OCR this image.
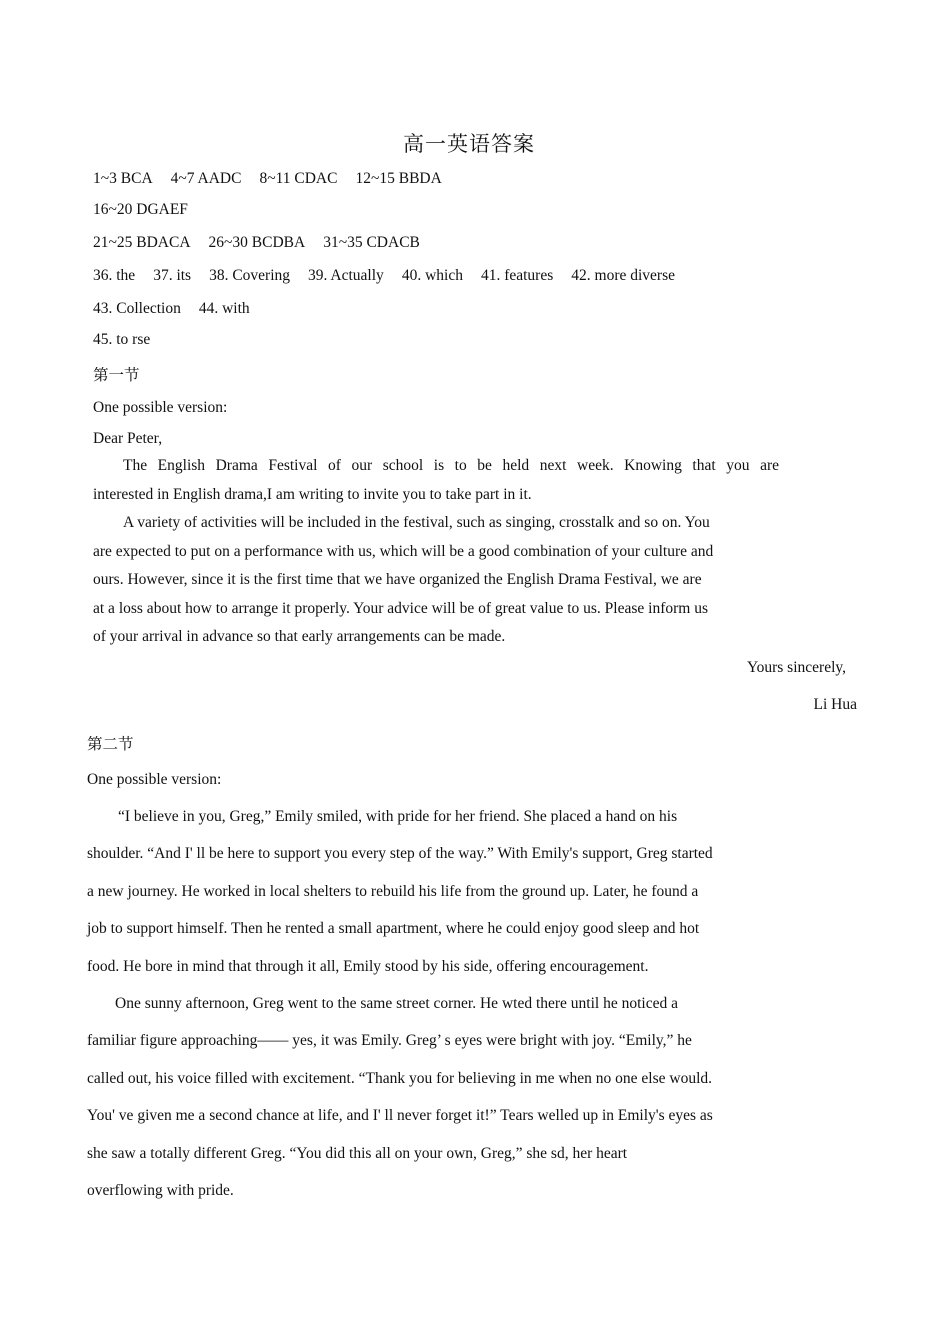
高一英语答案
1~3 BCA 4~7 AADC 8~11 CDAC 12~15 BBDA
16~20 DGAEF
21~25 BDACA 26~30 BCDBA 31~35 CDACB
36. the 37. its 38. Covering 39. Actually 40. which 41. features 42. more diverse
43. Collection 44. with
45. to rse
第一节
One possible version:
Dear Peter,

The English Drama Festival of our school is to be held next week. Knowing that you are

interested in English drama,I am writing to invite you to take part in it.

A variety of activities will be included in the festival, such as singing, crosstalk and so on. You

are expected to put on a performance with us, which will be a good combination of your culture and

ours. However, since it is the first time that we have organized the English Drama Festival, we are

at a loss about how to arrange it properly. Your advice will be of great value to us. Please inform us

of your arrival in advance so that early arrangements can be made.

Yours sincerely,
Li Hua
第二节
One possible version:

“I believe in you, Greg,” Emily smiled, with pride for her friend. She placed a hand on his

shoulder. “And I' ll be here to support you every step of the way.” With Emily's support, Greg started

a new journey. He worked in local shelters to rebuild his life from the ground up. Later, he found a

job to support himself. Then he rented a small apartment, where he could enjoy good sleep and hot

food. He bore in mind that through it all, Emily stood by his side, offering encouragement.

One sunny afternoon, Greg went to the same street corner. He wted there until he noticed a

familiar figure approaching—— yes, it was Emily. Greg’ s eyes were bright with joy. “Emily,” he

called out, his voice filled with excitement. “Thank you for believing in me when no one else would.

You' ve given me a second chance at life, and I' ll never forget it!” Tears welled up in Emily's eyes as

she saw a totally different Greg. “You did this all on your own, Greg,” she sd, her heart

overflowing with pride.
